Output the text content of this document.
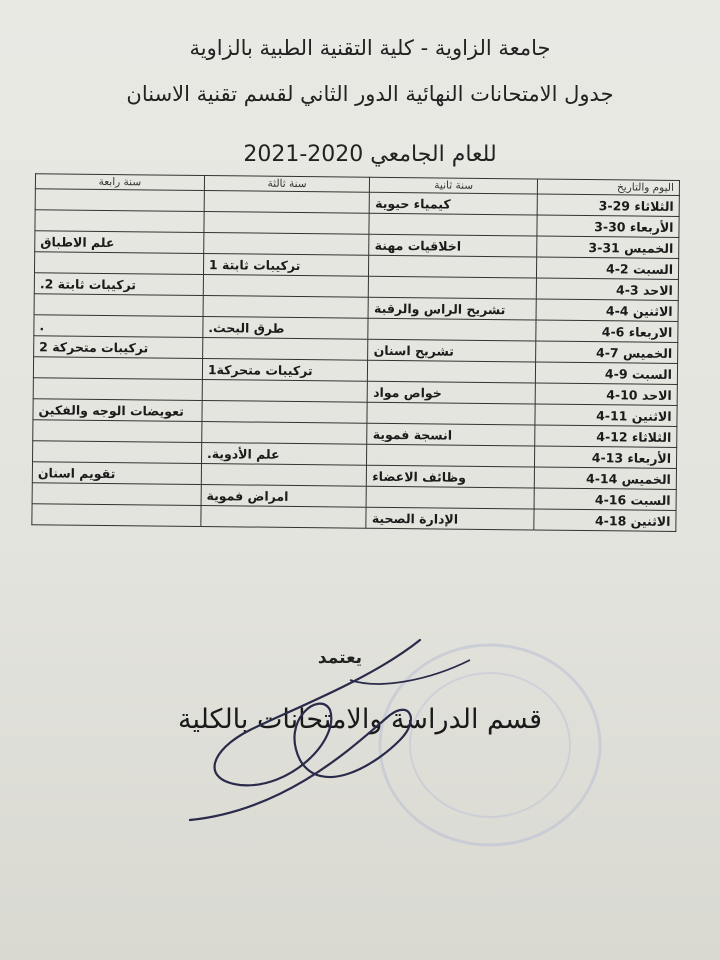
جامعة الزاوية - كلية التقنية الطبية بالزاوية
جدول الامتحانات النهائية الدور الثاني لقسم تقنية الاسنان
للعام الجامعي 2020-2021
اليوم والتاريخ	سنة ثانية	سنة ثالثة	سنة رابعة
الثلاثاء 29-3	كيمياء حيوية		
الأربعاء 30-3			
الخميس 31-3	اخلاقيات مهنة		علم الاطباق
السبت 2-4		تركيبات ثابتة 1	
الاحد 3-4			تركيبات ثابتة 2.
الاثنين 4-4	تشريح الراس والرقبة		
الاربعاء 6-4		طرق البحث.	.
الخميس 7-4	تشريح اسنان		تركيبات متحركة 2
السبت 9-4		تركيبات متحركة1	
الاحد 10-4	خواص مواد		
الاثنين 11-4			تعويضات الوجه والفكين
الثلاثاء 12-4	انسجة فموية		
الأربعاء 13-4		علم الأدوية.	
الخميس 14-4	وظائف الاعضاء		تقويم اسنان
السبت 16-4		امراض فموية	
الاثنين 18-4	الإدارة الصحية		
يعتمد
قسم الدراسة والامتحانات بالكلية
